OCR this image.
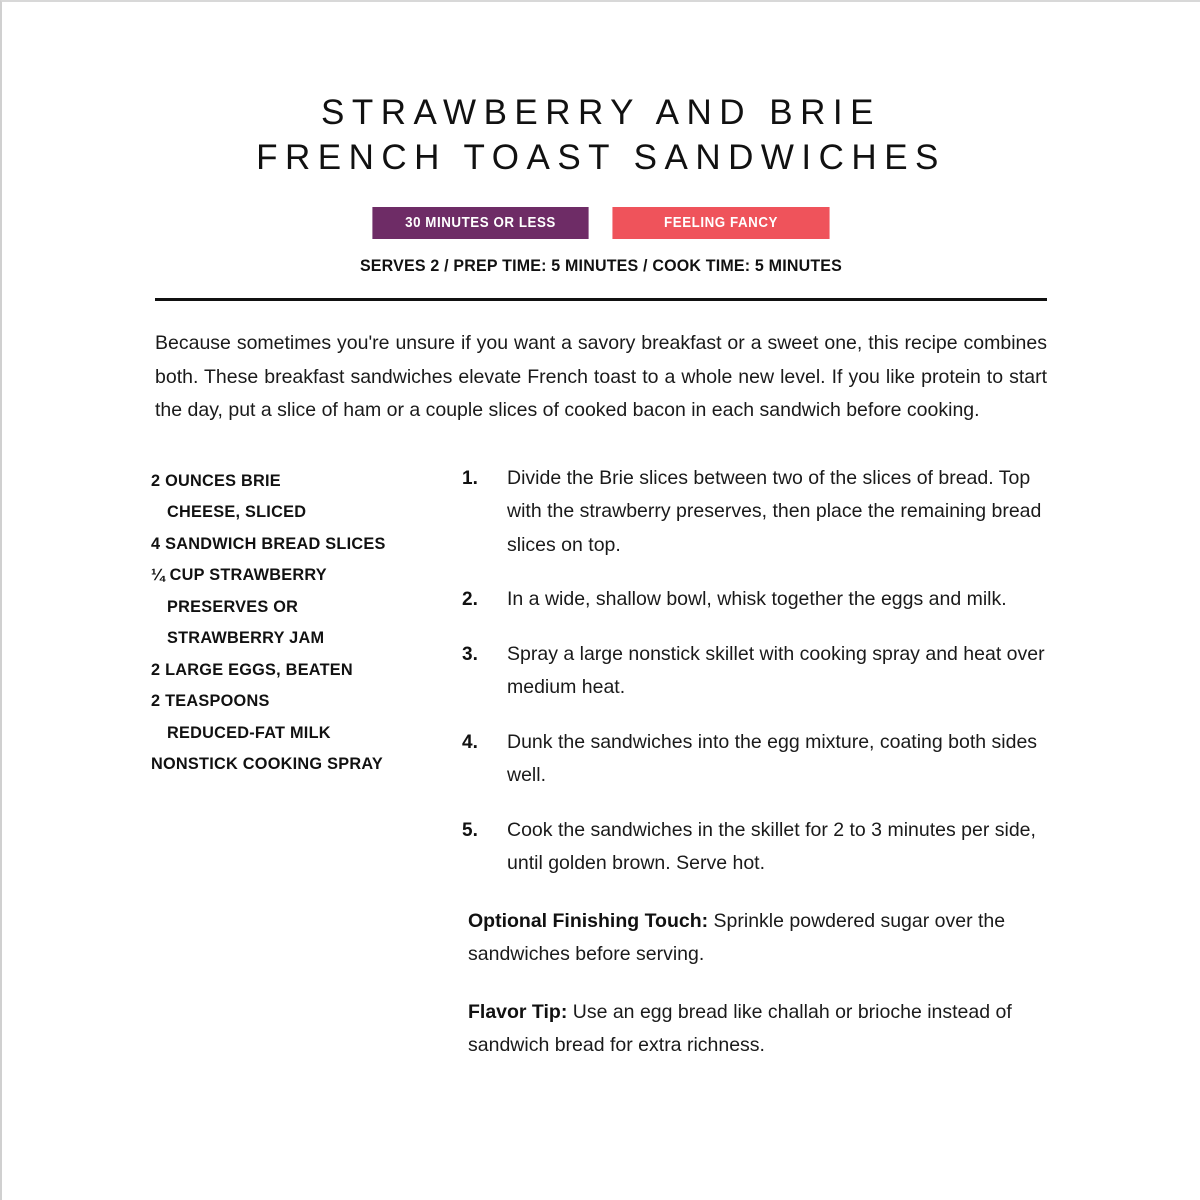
STRAWBERRY AND BRIE
FRENCH TOAST SANDWICHES
30 MINUTES OR LESS	FEELING FANCY
SERVES 2 / PREP TIME: 5 MINUTES / COOK TIME: 5 MINUTES

Because sometimes you're unsure if you want a savory breakfast or a sweet one, this recipe combines both. These breakfast sandwiches elevate French toast to a whole new level. If you like protein to start the day, put a slice of ham or a couple slices of cooked bacon in each sandwich before cooking.

2 OUNCES BRIE
CHEESE, SLICED
4 SANDWICH BREAD SLICES
¼ CUP STRAWBERRY
PRESERVES OR
STRAWBERRY JAM
2 LARGE EGGS, BEATEN
2 TEASPOONS
REDUCED-FAT MILK
NONSTICK COOKING SPRAY
1.	Divide the Brie slices between two of the slices of bread. Top with the strawberry preserves, then place the remaining bread slices on top.
2.	In a wide, shallow bowl, whisk together the eggs and milk.
3.	Spray a large nonstick skillet with cooking spray and heat over medium heat.
4.	Dunk the sandwiches into the egg mixture, coating both sides well.
5.	Cook the sandwiches in the skillet for 2 to 3 minutes per side, until golden brown. Serve hot.
Optional Finishing Touch: Sprinkle powdered sugar over the sandwiches before serving.
Flavor Tip: Use an egg bread like challah or brioche instead of sandwich bread for extra richness.
